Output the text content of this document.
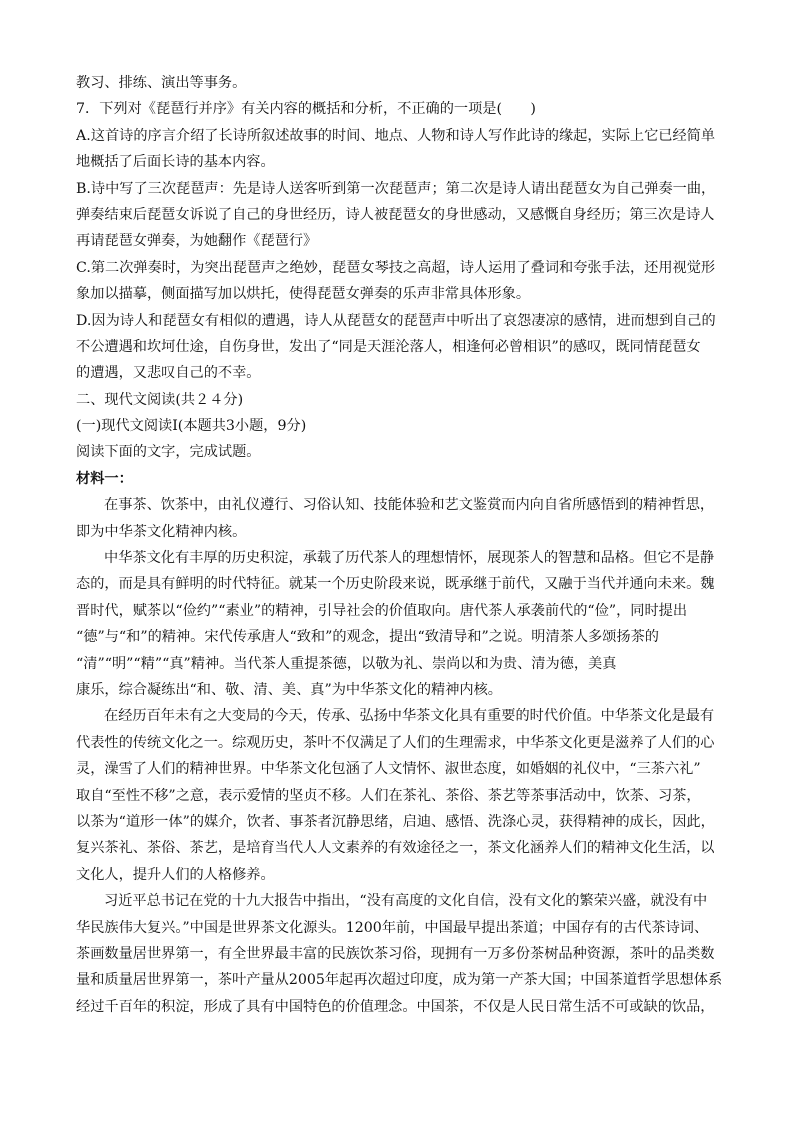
教习、排练、演出等事务。
7．下列对《琵琶行并序》有关内容的概括和分析，不正确的一项是(　　)
A.这首诗的序言介绍了长诗所叙述故事的时间、地点、人物和诗人写作此诗的缘起，实际上它已经简单
地概括了后面长诗的基本内容。
B.诗中写了三次琵琶声：先是诗人送客听到第一次琵琶声；第二次是诗人请出琵琶女为自己弹奏一曲，
弹奏结束后琵琶女诉说了自己的身世经历，诗人被琵琶女的身世感动，又感慨自身经历；第三次是诗人
再请琵琶女弹奏，为她翻作《琵琶行》
C.第二次弹奏时，为突出琵琶声之绝妙，琵琶女琴技之高超，诗人运用了叠词和夸张手法，还用视觉形
象加以描摹，侧面描写加以烘托，使得琵琶女弹奏的乐声非常具体形象。
D.因为诗人和琵琶女有相似的遭遇，诗人从琵琶女的琵琶声中听出了哀怨凄凉的感情，进而想到自己的
不公遭遇和坎坷仕途，自伤身世，发出了“同是天涯沦落人，相逢何必曾相识”的感叹，既同情琵琶女
的遭遇，又悲叹自己的不幸。
二、现代文阅读(共２４分)
(一)现代文阅读Ⅰ(本题共3小题，9分)
阅读下面的文字，完成试题。
材料一：
在事茶、饮茶中，由礼仪遵行、习俗认知、技能体验和艺文鉴赏而内向自省所感悟到的精神哲思，
即为中华茶文化精神内核。
中华茶文化有丰厚的历史积淀，承载了历代茶人的理想情怀，展现茶人的智慧和品格。但它不是静
态的，而是具有鲜明的时代特征。就某一个历史阶段来说，既承继于前代，又融于当代并通向未来。魏
晋时代，赋茶以“俭约”“素业”的精神，引导社会的价值取向。唐代茶人承袭前代的“俭”，同时提出
“德”与“和”的精神。宋代传承唐人“致和”的观念，提出“致清导和”之说。明清茶人多颂扬茶的
“清”“明”“精”“真”精神。当代茶人重提茶德，以敬为礼、崇尚以和为贵、清为德，美真
康乐，综合凝练出“和、敬、清、美、真”为中华茶文化的精神内核。
在经历百年未有之大变局的今天，传承、弘扬中华茶文化具有重要的时代价值。中华茶文化是最有
代表性的传统文化之一。综观历史，茶叶不仅满足了人们的生理需求，中华茶文化更是滋养了人们的心
灵，澡雪了人们的精神世界。中华茶文化包涵了人文情怀、淑世态度，如婚姻的礼仪中，“三茶六礼”
取自“至性不移”之意，表示爱情的坚贞不移。人们在茶礼、茶俗、茶艺等茶事活动中，饮茶、习茶，
以茶为“道形一体”的媒介，饮者、事茶者沉静思绪，启迪、感悟、洗涤心灵，获得精神的成长，因此，
复兴茶礼、茶俗、茶艺，是培育当代人人文素养的有效途径之一，茶文化涵养人们的精神文化生活，以
文化人，提升人们的人格修养。
习近平总书记在党的十九大报告中指出，“没有高度的文化自信，没有文化的繁荣兴盛，就没有中
华民族伟大复兴。”中国是世界茶文化源头。1200年前，中国最早提出茶道；中国存有的古代茶诗词、
茶画数量居世界第一，有全世界最丰富的民族饮茶习俗，现拥有一万多份茶树品种资源，茶叶的品类数
量和质量居世界第一，茶叶产量从2005年起再次超过印度，成为第一产茶大国；中国茶道哲学思想体系
经过千百年的积淀，形成了具有中国特色的价值理念。中国茶，不仅是人民日常生活不可或缺的饮品，
